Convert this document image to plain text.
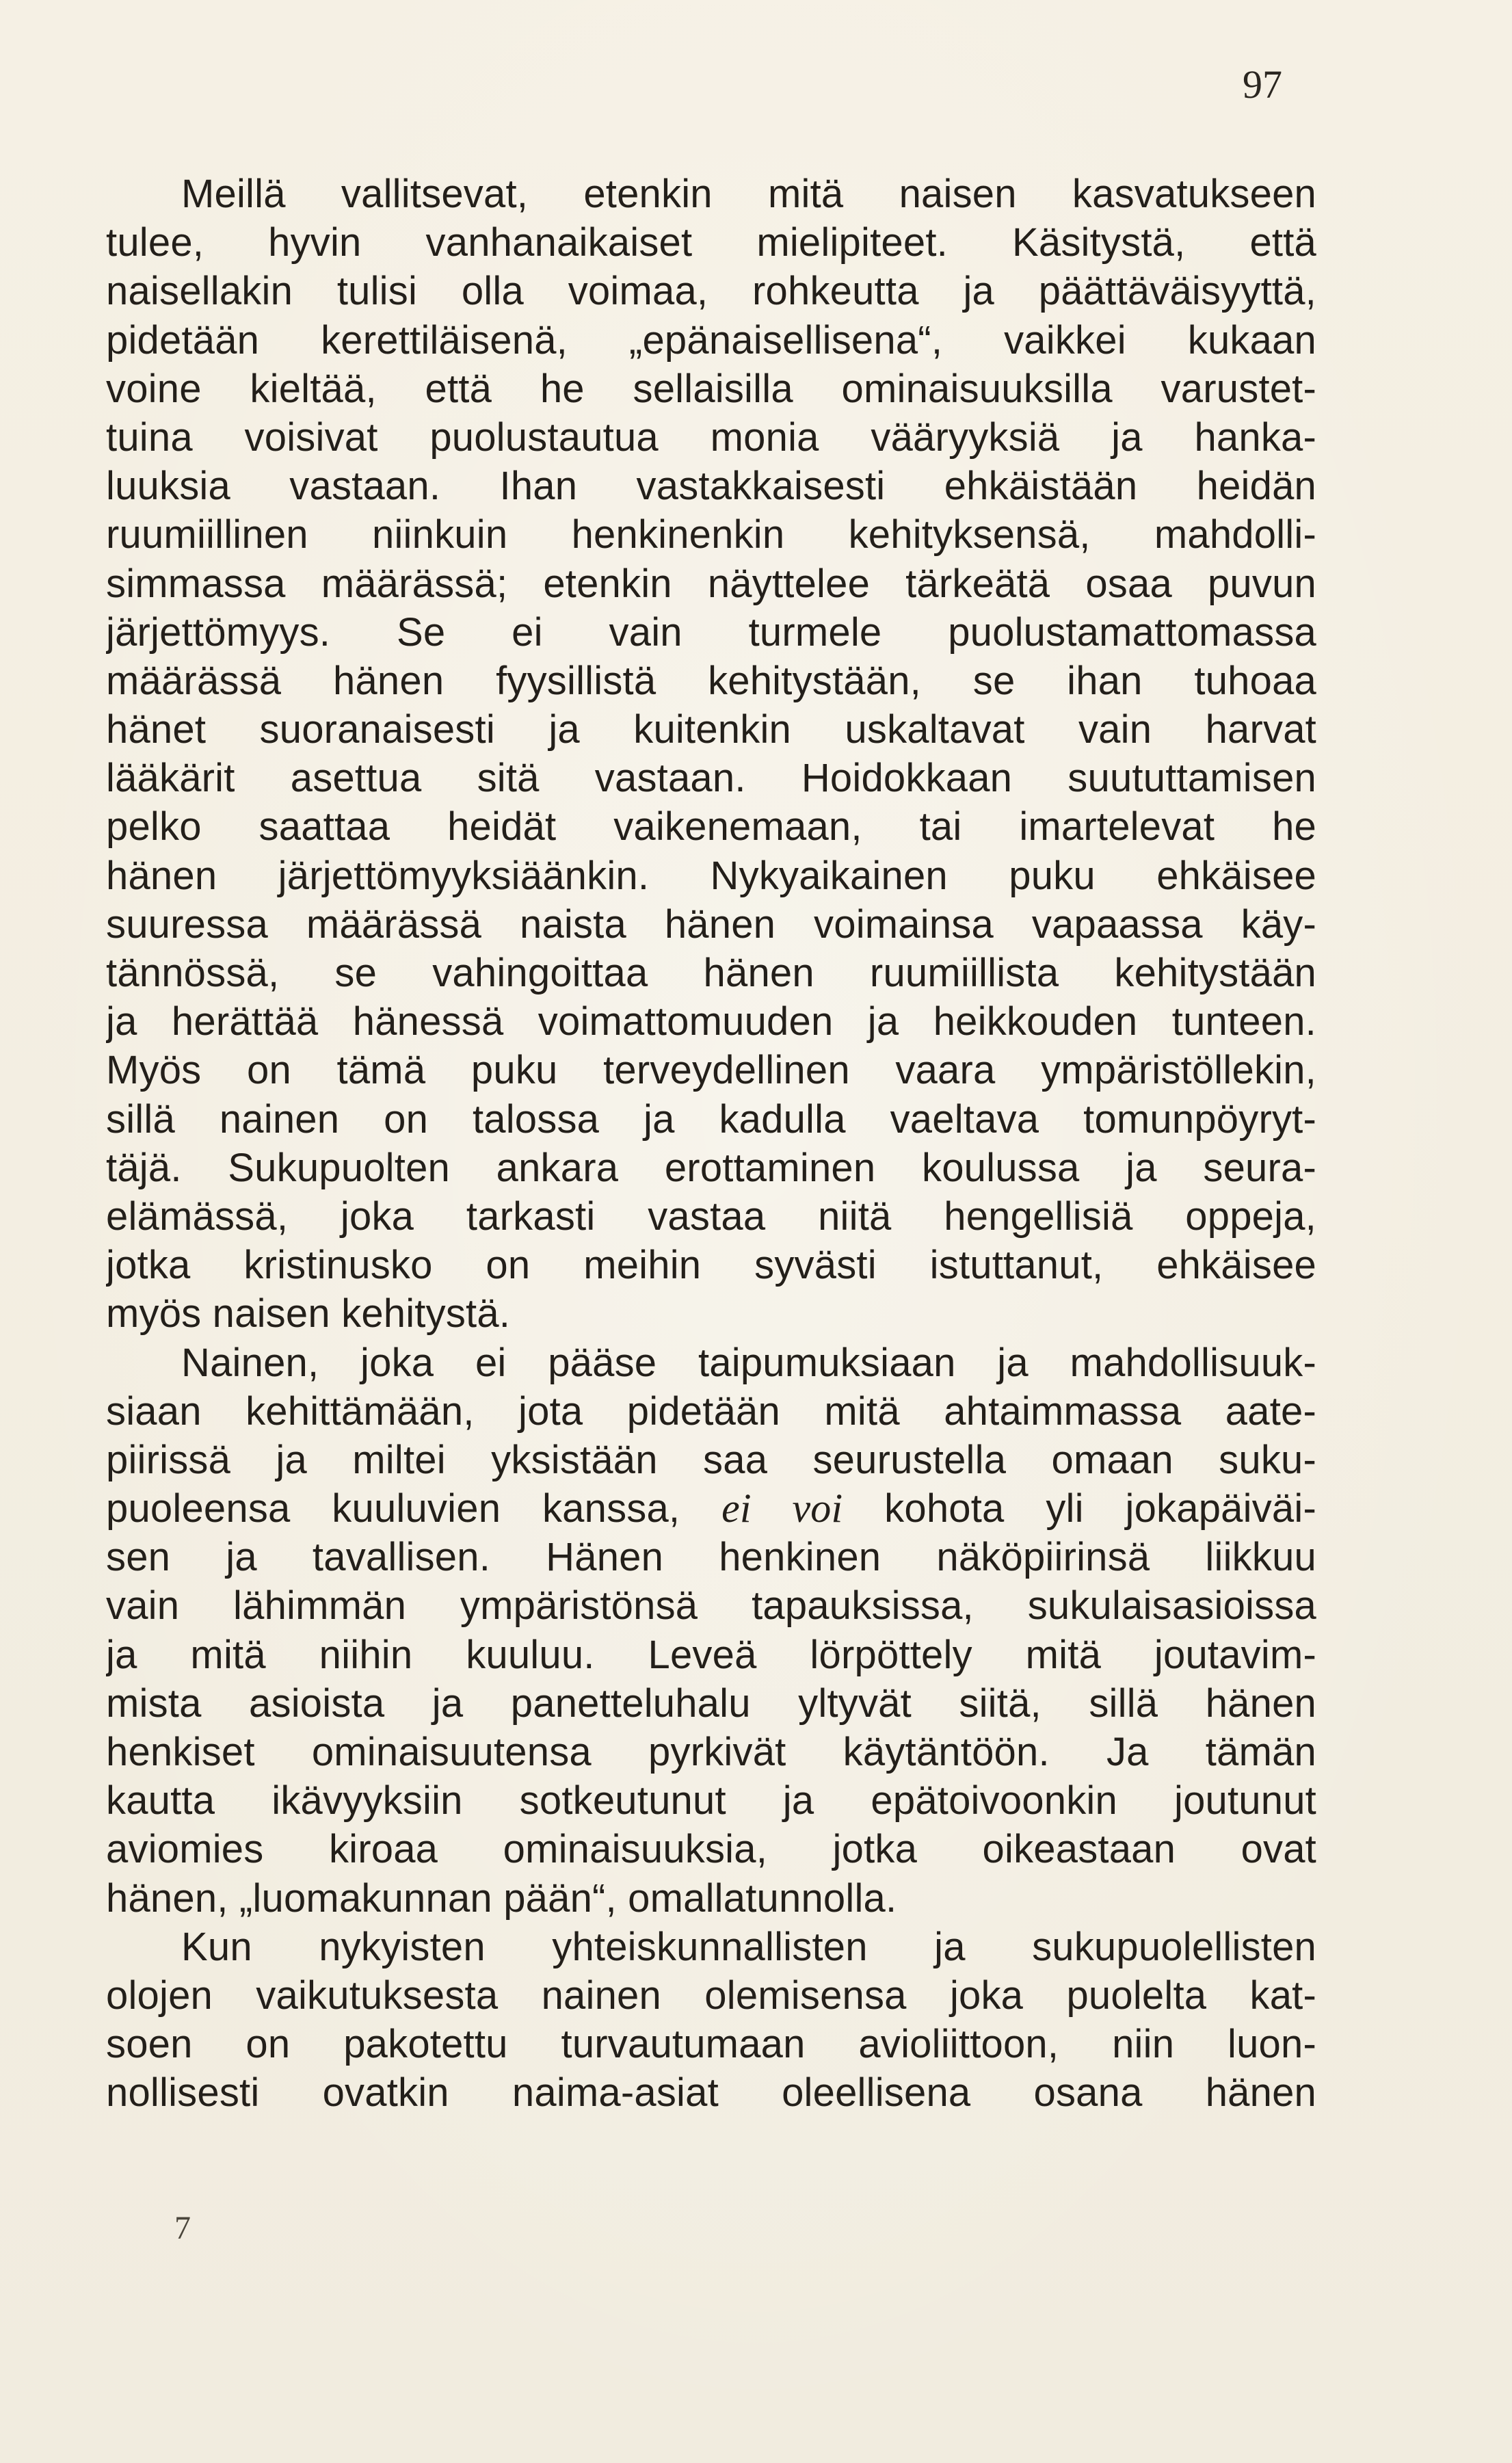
97
Meillä vallitsevat, etenkin mitä naisen kasvatukseen
tulee, hyvin vanhanaikaiset mielipiteet. Käsitystä, että
naisellakin tulisi olla voimaa, rohkeutta ja päättäväisyyttä,
pidetään kerettiläisenä, „epänaisellisena“, vaikkei kukaan
voine kieltää, että he sellaisilla ominaisuuksilla varustet-
tuina voisivat puolustautua monia vääryyksiä ja hanka-
luuksia vastaan. Ihan vastakkaisesti ehkäistään heidän
ruumiillinen niinkuin henkinenkin kehityksensä, mahdolli-
simmassa määrässä; etenkin näyttelee tärkeätä osaa puvun
järjettömyys. Se ei vain turmele puolustamattomassa
määrässä hänen fyysillistä kehitystään, se ihan tuhoaa
hänet suoranaisesti ja kuitenkin uskaltavat vain harvat
lääkärit asettua sitä vastaan. Hoidokkaan suututtamisen
pelko saattaa heidät vaikenemaan, tai imartelevat he
hänen järjettömyyksiäänkin. Nykyaikainen puku ehkäisee
suuressa määrässä naista hänen voimainsa vapaassa käy-
tännössä, se vahingoittaa hänen ruumiillista kehitystään
ja herättää hänessä voimattomuuden ja heikkouden tunteen.
Myös on tämä puku terveydellinen vaara ympäristöllekin,
sillä nainen on talossa ja kadulla vaeltava tomunpöyryt-
täjä. Sukupuolten ankara erottaminen koulussa ja seura-
elämässä, joka tarkasti vastaa niitä hengellisiä oppeja,
jotka kristinusko on meihin syvästi istuttanut, ehkäisee
myös naisen kehitystä.
Nainen, joka ei pääse taipumuksiaan ja mahdollisuuk-
siaan kehittämään, jota pidetään mitä ahtaimmassa aate-
piirissä ja miltei yksistään saa seurustella omaan suku-
puoleensa kuuluvien kanssa, ei voi kohota yli jokapäiväi-
sen ja tavallisen. Hänen henkinen näköpiirinsä liikkuu
vain lähimmän ympäristönsä tapauksissa, sukulaisasioissa
ja mitä niihin kuuluu. Leveä lörpöttely mitä joutavim-
mista asioista ja panetteluhalu yltyvät siitä, sillä hänen
henkiset ominaisuutensa pyrkivät käytäntöön. Ja tämän
kautta ikävyyksiin sotkeutunut ja epätoivoonkin joutunut
aviomies kiroaa ominaisuuksia, jotka oikeastaan ovat
hänen, „luomakunnan pään“, omallatunnolla.
Kun nykyisten yhteiskunnallisten ja sukupuolellisten
olojen vaikutuksesta nainen olemisensa joka puolelta kat-
soen on pakotettu turvautumaan avioliittoon, niin luon-
nollisesti ovatkin naima-asiat oleellisena osana hänen
7
